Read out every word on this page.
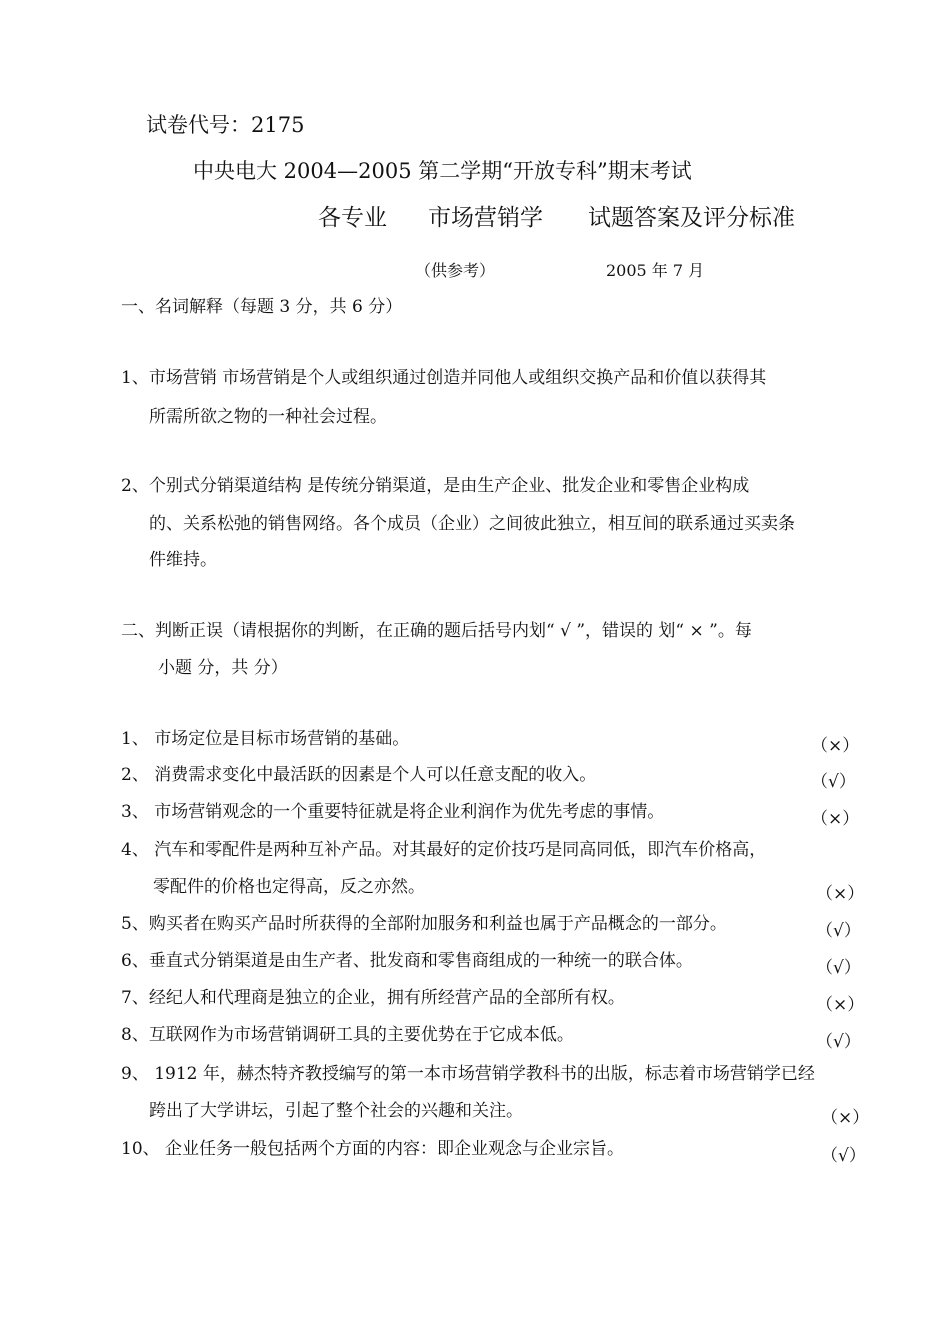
试卷代号：2175
中央电大 2004—2005 第二学期“开放专科”期末考试
各专业 市场营销学 试题答案及评分标准
（供参考）	2005 年 7 月
一、名词解释（每题 3 分，共 6 分）
1、市场营销 市场营销是个人或组织通过创造并同他人或组织交换产品和价值以获得其
所需所欲之物的一种社会过程。
2、个别式分销渠道结构 是传统分销渠道，是由生产企业、批发企业和零售企业构成
的、关系松弛的销售网络。各个成员（企业）之间彼此独立，相互间的联系通过买卖条
件维持。
二、判断正误（请根据你的判断，在正确的题后括号内划“ √ ”，错误的 划“ × ”。每
小题 分，共 分）
1、 市场定位是目标市场营销的基础。	（×）
2、 消费需求变化中最活跃的因素是个人可以任意支配的收入。	（√）
3、 市场营销观念的一个重要特征就是将企业利润作为优先考虑的事情。	（×）
4、 汽车和零配件是两种互补产品。对其最好的定价技巧是同高同低，即汽车价格高，
零配件的价格也定得高，反之亦然。	（×）
5、购买者在购买产品时所获得的全部附加服务和利益也属于产品概念的一部分。	（√）
6、垂直式分销渠道是由生产者、批发商和零售商组成的一种统一的联合体。	（√）
7、经纪人和代理商是独立的企业，拥有所经营产品的全部所有权。	（×）
8、互联网作为市场营销调研工具的主要优势在于它成本低。	（√）
9、 1912 年，赫杰特齐教授编写的第一本市场营销学教科书的出版，标志着市场营销学已经
跨出了大学讲坛，引起了整个社会的兴趣和关注。	（×）
10、 企业任务一般包括两个方面的内容：即企业观念与企业宗旨。	（√）
